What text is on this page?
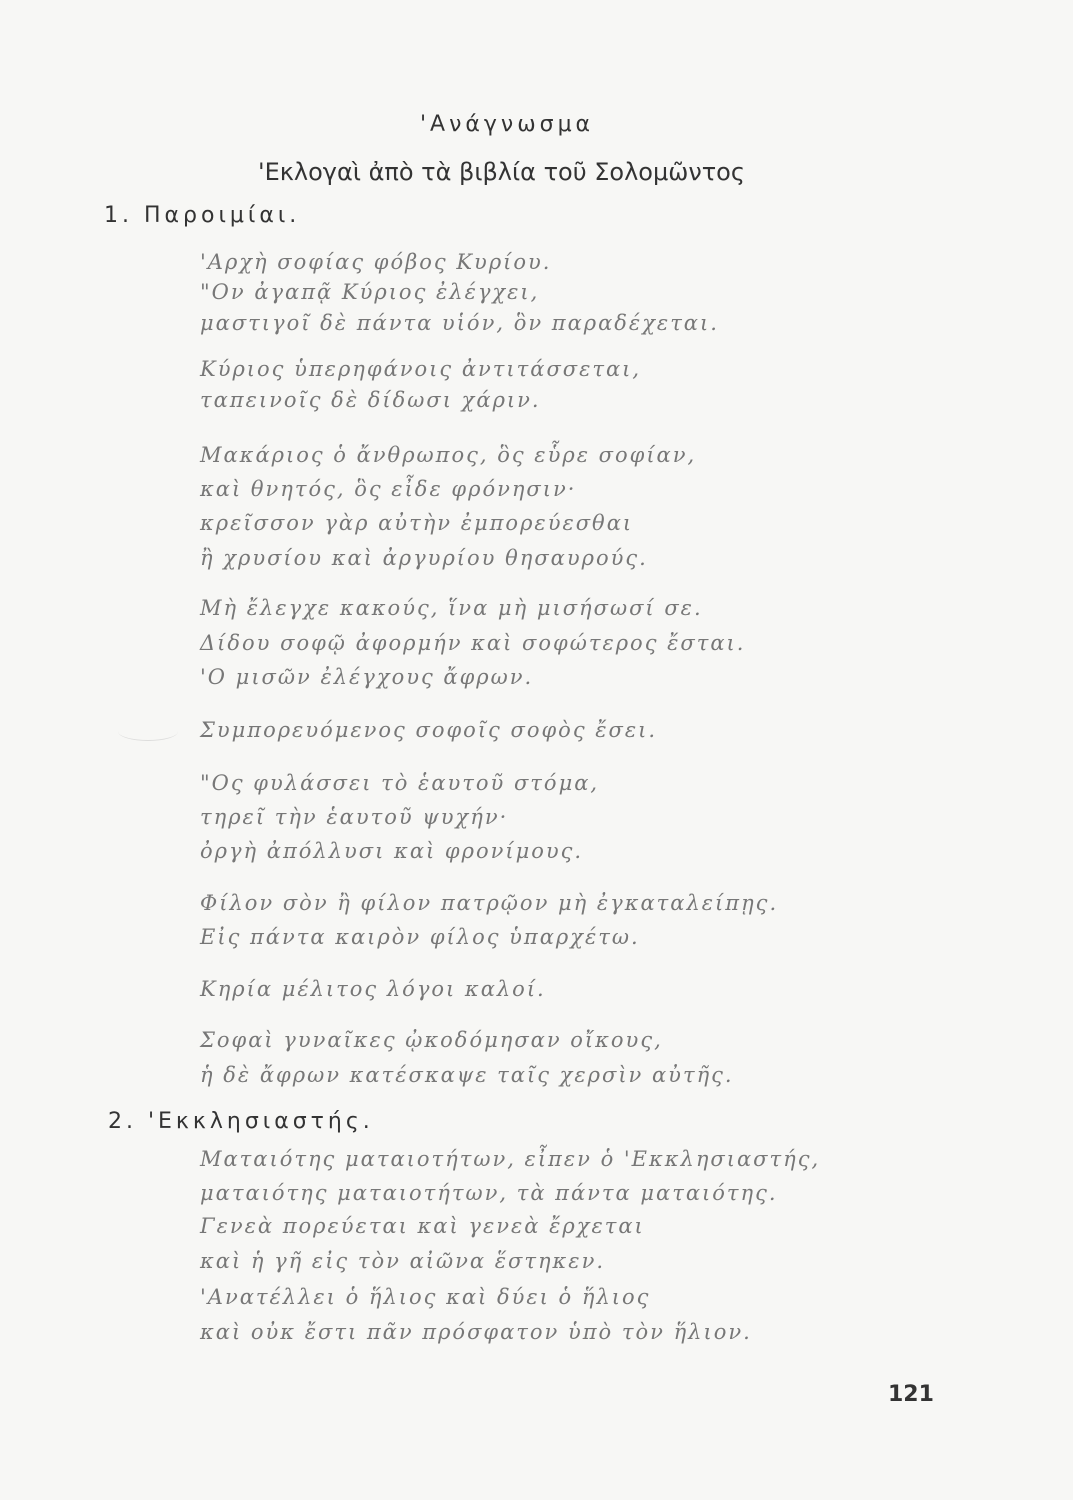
'Ανάγνωσμα
'Εκλογαὶ ἀπὸ τὰ βιβλία τοῦ Σολομῶντος
1. Παροιμίαι.
'Αρχὴ σοφίας φόβος Κυρίου.
"Ον ἀγαπᾷ Κύριος ἐλέγχει,
μαστιγοῖ δὲ πάντα υἱόν, ὃν παραδέχεται.
Κύριος ὑπερηφάνοις ἀντιτάσσεται,
ταπεινοῖς δὲ δίδωσι χάριν.
Μακάριος ὁ ἄνθρωπος, ὃς εὗρε σοφίαν,
καὶ θνητός, ὃς εἶδε φρόνησιν·
κρεῖσσον γὰρ αὐτὴν ἐμπορεύεσθαι
ἢ χρυσίου καὶ ἀργυρίου θησαυρούς.
Μὴ ἔλεγχε κακούς, ἵνα μὴ μισήσωσί σε.
Δίδου σοφῷ ἀφορμήν καὶ σοφώτερος ἔσται.
'Ο μισῶν ἐλέγχους ἄφρων.
Συμπορευόμενος σοφοῖς σοφὸς ἔσει.
"Ος φυλάσσει τὸ ἑαυτοῦ στόμα,
τηρεῖ τὴν ἑαυτοῦ ψυχήν·
ὀργὴ ἀπόλλυσι καὶ φρονίμους.
Φίλον σὸν ἢ φίλον πατρῷον μὴ ἐγκαταλείπῃς.
Εἰς πάντα καιρὸν φίλος ὑπαρχέτω.
Κηρία μέλιτος λόγοι καλοί.
Σοφαὶ γυναῖκες ᾠκοδόμησαν οἴκους,
ἡ δὲ ἄφρων κατέσκαψε ταῖς χερσὶν αὐτῆς.
2. 'Εκκλησιαστής.
Ματαιότης ματαιοτήτων, εἶπεν ὁ 'Εκκλησιαστής,
ματαιότης ματαιοτήτων, τὰ πάντα ματαιότης.
Γενεὰ πορεύεται καὶ γενεὰ ἔρχεται
καὶ ἡ γῆ εἰς τὸν αἰῶνα ἕστηκεν.
'Ανατέλλει ὁ ἥλιος καὶ δύει ὁ ἥλιος
καὶ οὐκ ἔστι πᾶν πρόσφατον ὑπὸ τὸν ἥλιον.
121
